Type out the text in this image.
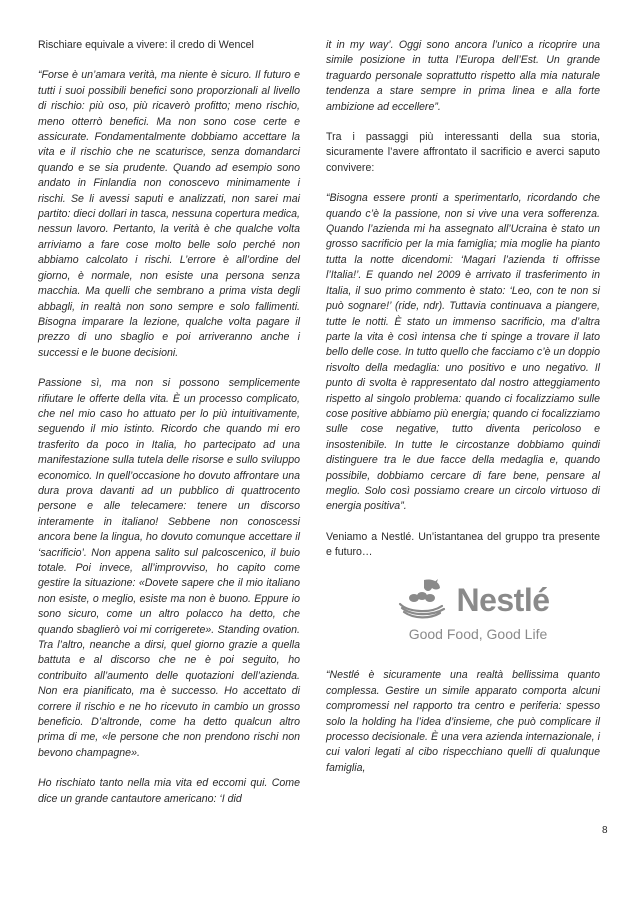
Rischiare equivale a vivere: il credo di Wencel

“Forse è un’amara verità, ma niente è sicuro. Il futuro e tutti i suoi possibili benefici sono proporzionali al livello di rischio: più oso, più ricaverò profitto; meno rischio, meno otterrò benefici. Ma non sono cose certe e assicurate. Fondamentalmente dobbiamo accettare la vita e il rischio che ne scaturisce, senza domandarci quando e se sia prudente. Quando ad esempio sono andato in Finlandia non conoscevo minimamente i rischi. Se li avessi saputi e analizzati, non sarei mai partito: dieci dollari in tasca, nessuna copertura medica, nessun lavoro. Pertanto, la verità è che qualche volta arriviamo a fare cose molto belle solo perché non abbiamo calcolato i rischi. L’errore è all’ordine del giorno, è normale, non esiste una persona senza macchia. Ma quelli che sembrano a prima vista degli abbagli, in realtà non sono sempre e solo fallimenti. Bisogna imparare la lezione, qualche volta pagare il prezzo di uno sbaglio e poi arriveranno anche i successi e le buone decisioni.

Passione sì, ma non si possono semplicemente rifiutare le offerte della vita. È un processo complicato, che nel mio caso ho attuato per lo più intuitivamente, seguendo il mio istinto. Ricordo che quando mi ero trasferito da poco in Italia, ho partecipato ad una manifestazione sulla tutela delle risorse e sullo sviluppo economico. In quell’occasione ho dovuto affrontare una dura prova davanti ad un pubblico di quattrocento persone e alle telecamere: tenere un discorso interamente in italiano! Sebbene non conoscessi ancora bene la lingua, ho dovuto comunque accettare il ‘sacrificio’. Non appena salito sul palcoscenico, il buio totale. Poi invece, all’improvviso, ho capito come gestire la situazione: «Dovete sapere che il mio italiano non esiste, o meglio, esiste ma non è buono. Eppure io sono sicuro, come un altro polacco ha detto, che quando sbaglierò voi mi corrigerete». Standing ovation. Tra l’altro, neanche a dirsi, quel giorno grazie a quella battuta e al discorso che ne è poi seguito, ho contribuito all’aumento delle quotazioni dell’azienda. Non era pianificato, ma è successo. Ho accettato di correre il rischio e ne ho ricevuto in cambio un grosso beneficio. D’altronde, come ha detto qualcun altro prima di me, «le persone che non prendono rischi non bevono champagne».

Ho rischiato tanto nella mia vita ed eccomi qui. Come dice un grande cantautore americano: ‘I did

it in my way’. Oggi sono ancora l’unico a ricoprire una simile posizione in tutta l’Europa dell’Est. Un grande traguardo personale soprattutto rispetto alla mia naturale tendenza a stare sempre in prima linea e alla forte ambizione ad eccellere”.

Tra i passaggi più interessanti della sua storia, sicuramente l’avere affrontato il sacrificio e averci saputo convivere:

“Bisogna essere pronti a sperimentarlo, ricordando che quando c’è la passione, non si vive una vera sofferenza. Quando l’azienda mi ha assegnato all’Ucraina è stato un grosso sacrificio per la mia famiglia; mia moglie ha pianto tutta la notte dicendomi: ‘Magari l’azienda ti offrisse l’Italia!’. E quando nel 2009 è arrivato il trasferimento in Italia, il suo primo commento è stato: ‘Leo, con te non si può sognare!’ (ride, ndr). Tuttavia continuava a piangere, tutte le notti. È stato un immenso sacrificio, ma d’altra parte la vita è così intensa che ti spinge a trovare il lato bello delle cose. In tutto quello che facciamo c’è un doppio risvolto della medaglia: uno positivo e uno negativo. Il punto di svolta è rappresentato dal nostro atteggiamento rispetto al singolo problema: quando ci focalizziamo sulle cose positive abbiamo più energia; quando ci focalizziamo sulle cose negative, tutto diventa pericoloso e insostenibile. In tutte le circostanze dobbiamo quindi distinguere tra le due facce della medaglia e, quando possibile, dobbiamo cercare di fare bene, pensare al meglio. Solo così possiamo creare un circolo virtuoso di energia positiva”.

Veniamo a Nestlé. Un’istantanea del gruppo tra presente e futuro…

Nestlé
Good Food, Good Life

“Nestlé è sicuramente una realtà bellissima quanto complessa. Gestire un simile apparato comporta alcuni compromessi nel rapporto tra centro e periferia: spesso solo la holding ha l’idea d’insieme, che può complicare il processo decisionale. È una vera azienda internazionale, i cui valori legati al cibo rispecchiano quelli di qualunque famiglia,

8
